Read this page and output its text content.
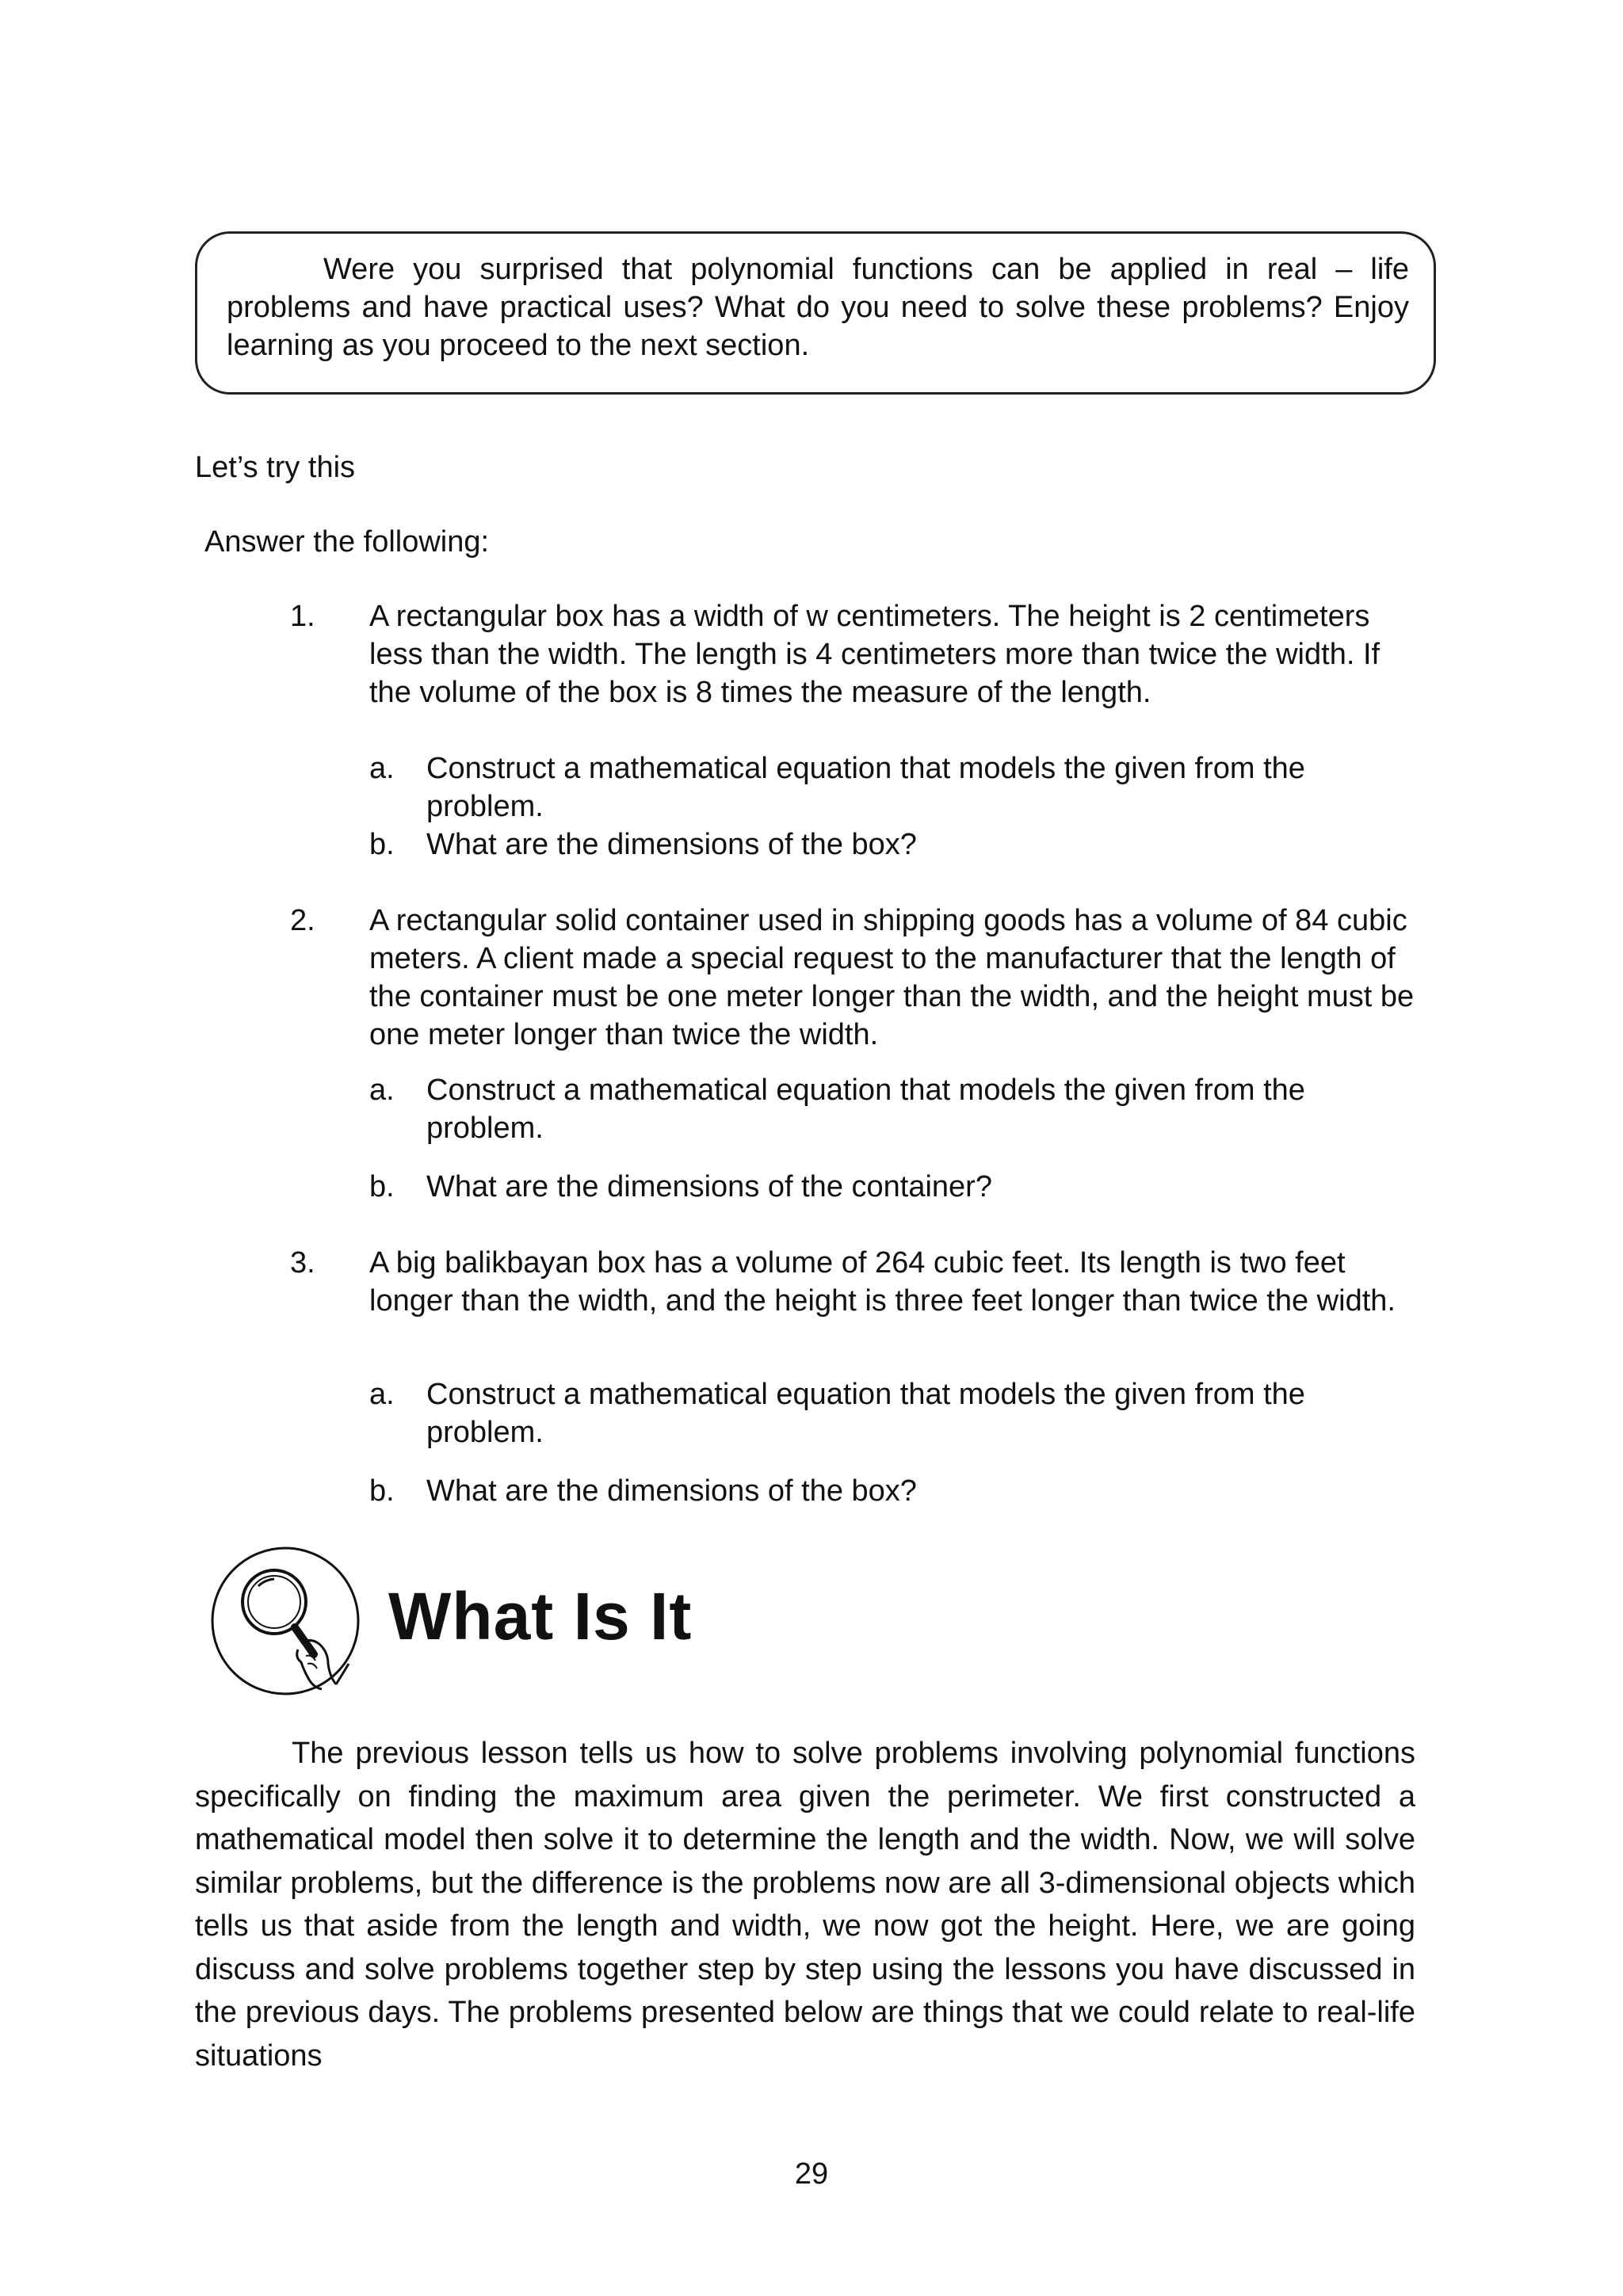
Were you surprised that polynomial functions can be applied in real – life problems and have practical uses? What do you need to solve these problems? Enjoy learning as you proceed to the next section.

Let’s try this

Answer the following:

1. A rectangular box has a width of w centimeters. The height is 2 centimeters less than the width. The length is 4 centimeters more than twice the width. If the volume of the box is 8 times the measure of the length.

a. Construct a mathematical equation that models the given from the problem.

b. What are the dimensions of the box?

2. A rectangular solid container used in shipping goods has a volume of 84 cubic meters. A client made a special request to the manufacturer that the length of the container must be one meter longer than the width, and the height must be one meter longer than twice the width.

a. Construct a mathematical equation that models the given from the problem.

b. What are the dimensions of the container?

3. A big balikbayan box has a volume of 264 cubic feet. Its length is two feet longer than the width, and the height is three feet longer than twice the width.

a. Construct a mathematical equation that models the given from the problem.

b. What are the dimensions of the box?

What Is It

The previous lesson tells us how to solve problems involving polynomial functions specifically on finding the maximum area given the perimeter. We first constructed a mathematical model then solve it to determine the length and the width. Now, we will solve similar problems, but the difference is the problems now are all 3-dimensional objects which tells us that aside from the length and width, we now got the height. Here, we are going discuss and solve problems together step by step using the lessons you have discussed in the previous days. The problems presented below are things that we could relate to real-life situations

29
